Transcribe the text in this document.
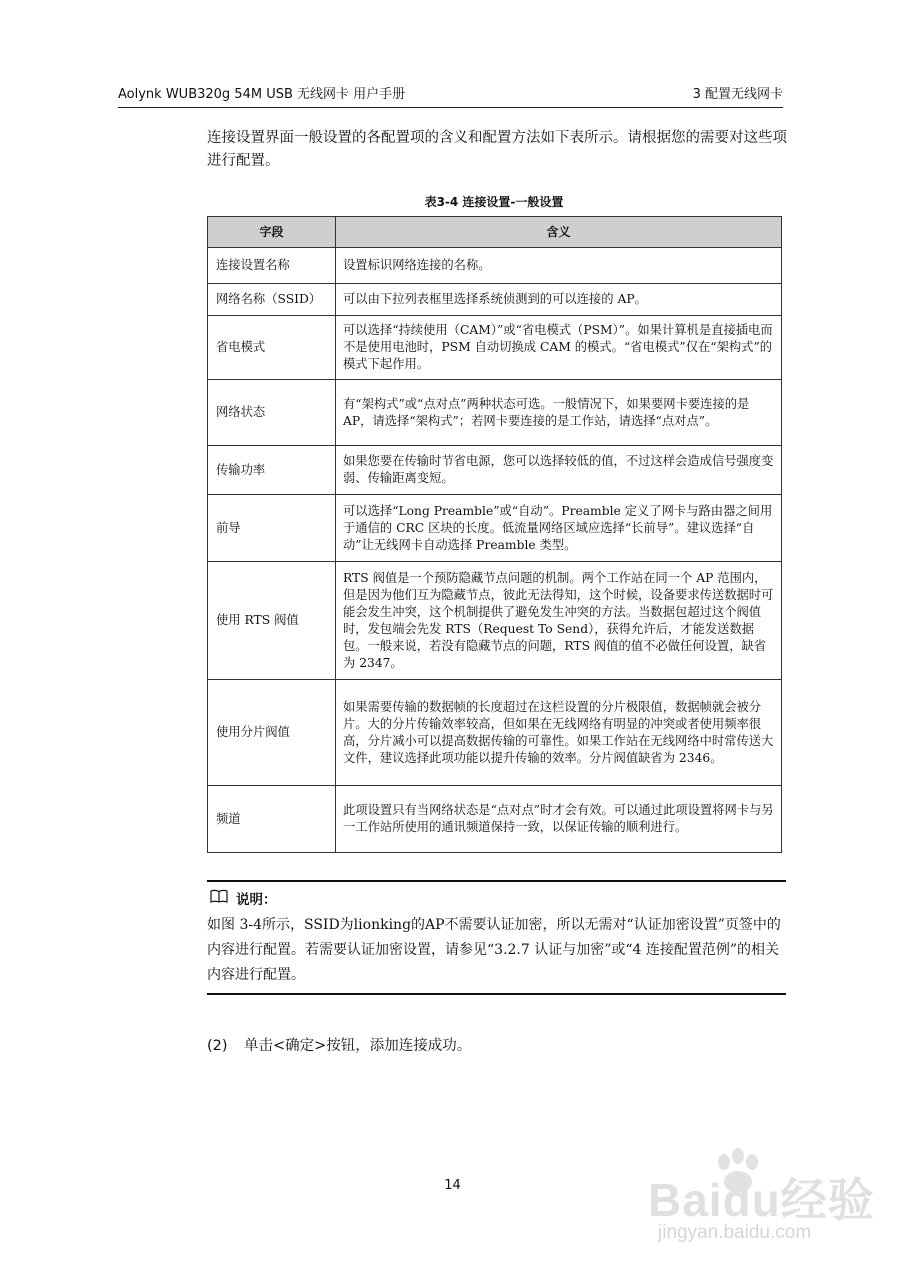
Aolynk WUB320g 54M USB 无线网卡 用户手册	3 配置无线网卡

连接设置界面一般设置的各配置项的含义和配置方法如下表所示。请根据您的需要对这些项进行配置。

表3-4 连接设置-一般设置
字段	含义
连接设置名称	设置标识网络连接的名称。
网络名称（SSID）	可以由下拉列表框里选择系统侦测到的可以连接的 AP。
省电模式	可以选择“持续使用（CAM）”或“省电模式（PSM）”。如果计算机是直接插电而不是使用电池时，PSM 自动切换成 CAM 的模式。“省电模式”仅在“架构式”的模式下起作用。
网络状态	有“架构式”或“点对点”两种状态可选。一般情况下，如果要网卡要连接的是 AP，请选择“架构式”；若网卡要连接的是工作站，请选择“点对点”。
传输功率	如果您要在传输时节省电源，您可以选择较低的值，不过这样会造成信号强度变弱、传输距离变短。
前导	可以选择“Long Preamble”或“自动”。Preamble 定义了网卡与路由器之间用于通信的 CRC 区块的长度。低流量网络区域应选择“长前导”。建议选择“自动”让无线网卡自动选择 Preamble 类型。
使用 RTS 阀值	RTS 阀值是一个预防隐藏节点问题的机制。两个工作站在同一个 AP 范围内，但是因为他们互为隐藏节点，彼此无法得知，这个时候，设备要求传送数据时可能会发生冲突，这个机制提供了避免发生冲突的方法。当数据包超过这个阀值时，发包端会先发 RTS（Request To Send），获得允许后，才能发送数据包。一般来说，若没有隐藏节点的问题，RTS 阀值的值不必做任何设置，缺省为 2347。
使用分片阀值	如果需要传输的数据帧的长度超过在这栏设置的分片极限值，数据帧就会被分片。大的分片传输效率较高，但如果在无线网络有明显的冲突或者使用频率很高，分片减小可以提高数据传输的可靠性。如果工作站在无线网络中时常传送大文件，建议选择此项功能以提升传输的效率。分片阀值缺省为 2346。
频道	此项设置只有当网络状态是“点对点”时才会有效。可以通过此项设置将网卡与另一工作站所使用的通讯频道保持一致，以保证传输的顺利进行。
说明：

如图 3-4所示，SSID为lionking的AP不需要认证加密，所以无需对“认证加密设置”页签中的内容进行配置。若需要认证加密设置，请参见“3.2.7 认证与加密”或“4 连接配置范例”的相关内容进行配置。

(2) 单击<确定>按钮，添加连接成功。
14	Baidu经验
jingyan.baidu.com
